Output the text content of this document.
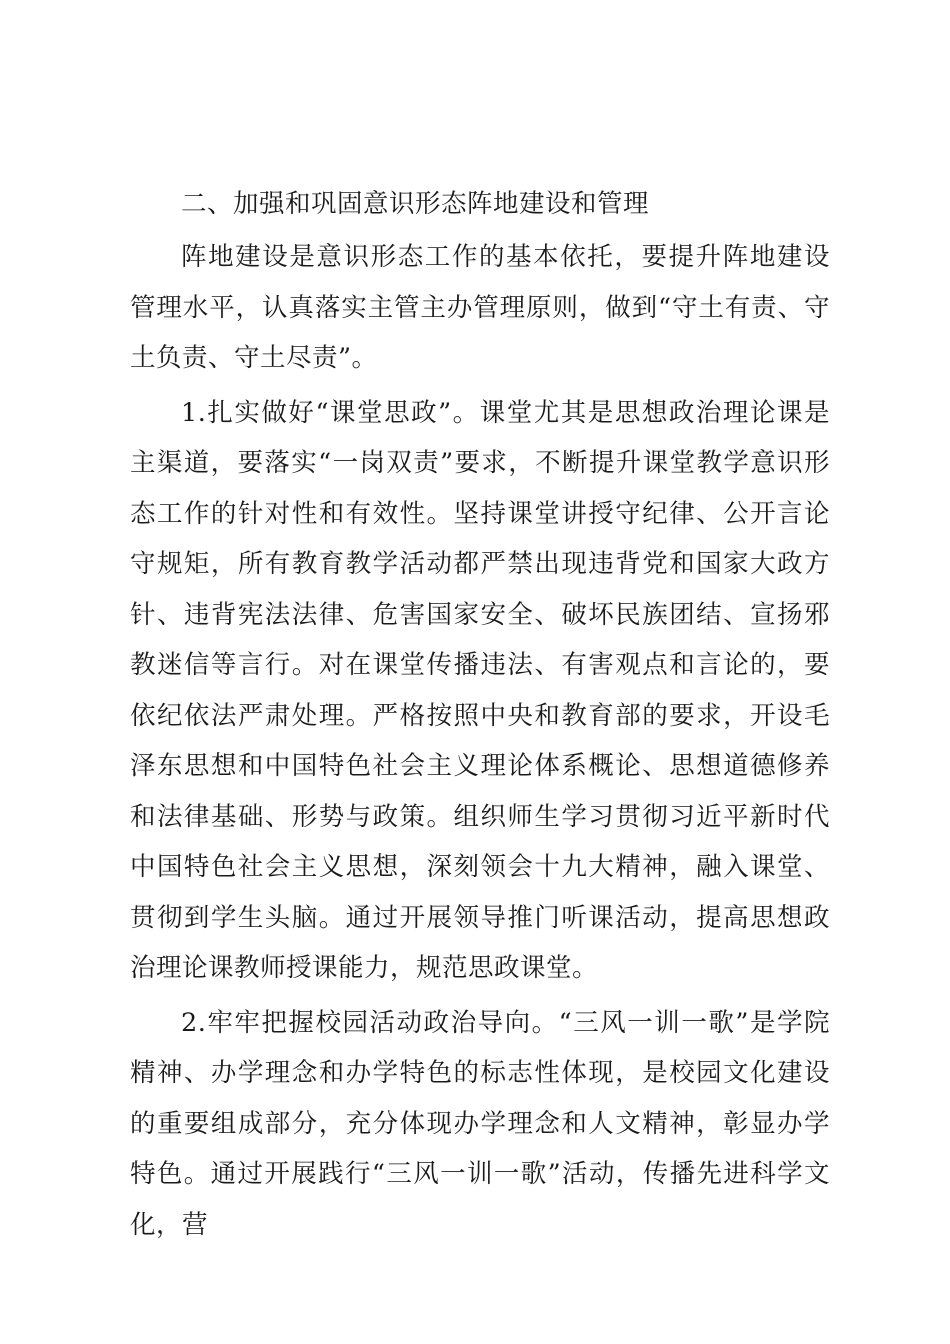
二、加强和巩固意识形态阵地建设和管理

阵地建设是意识形态工作的基本依托，要提升阵地建设管理水平，认真落实主管主办管理原则，做到“守土有责、守土负责、守土尽责”。

1.扎实做好“课堂思政”。课堂尤其是思想政治理论课是主渠道，要落实“一岗双责”要求，不断提升课堂教学意识形态工作的针对性和有效性。坚持课堂讲授守纪律、公开言论守规矩，所有教育教学活动都严禁出现违背党和国家大政方针、违背宪法法律、危害国家安全、破坏民族团结、宣扬邪教迷信等言行。对在课堂传播违法、有害观点和言论的，要依纪依法严肃处理。严格按照中央和教育部的要求，开设毛泽东思想和中国特色社会主义理论体系概论、思想道德修养和法律基础、形势与政策。组织师生学习贯彻习近平新时代中国特色社会主义思想，深刻领会十九大精神，融入课堂、贯彻到学生头脑。通过开展领导推门听课活动，提高思想政治理论课教师授课能力，规范思政课堂。

2.牢牢把握校园活动政治导向。“三风一训一歌”是学院精神、办学理念和办学特色的标志性体现，是校园文化建设的重要组成部分，充分体现办学理念和人文精神，彰显办学特色。通过开展践行“三风一训一歌”活动，传播先进科学文化，营
